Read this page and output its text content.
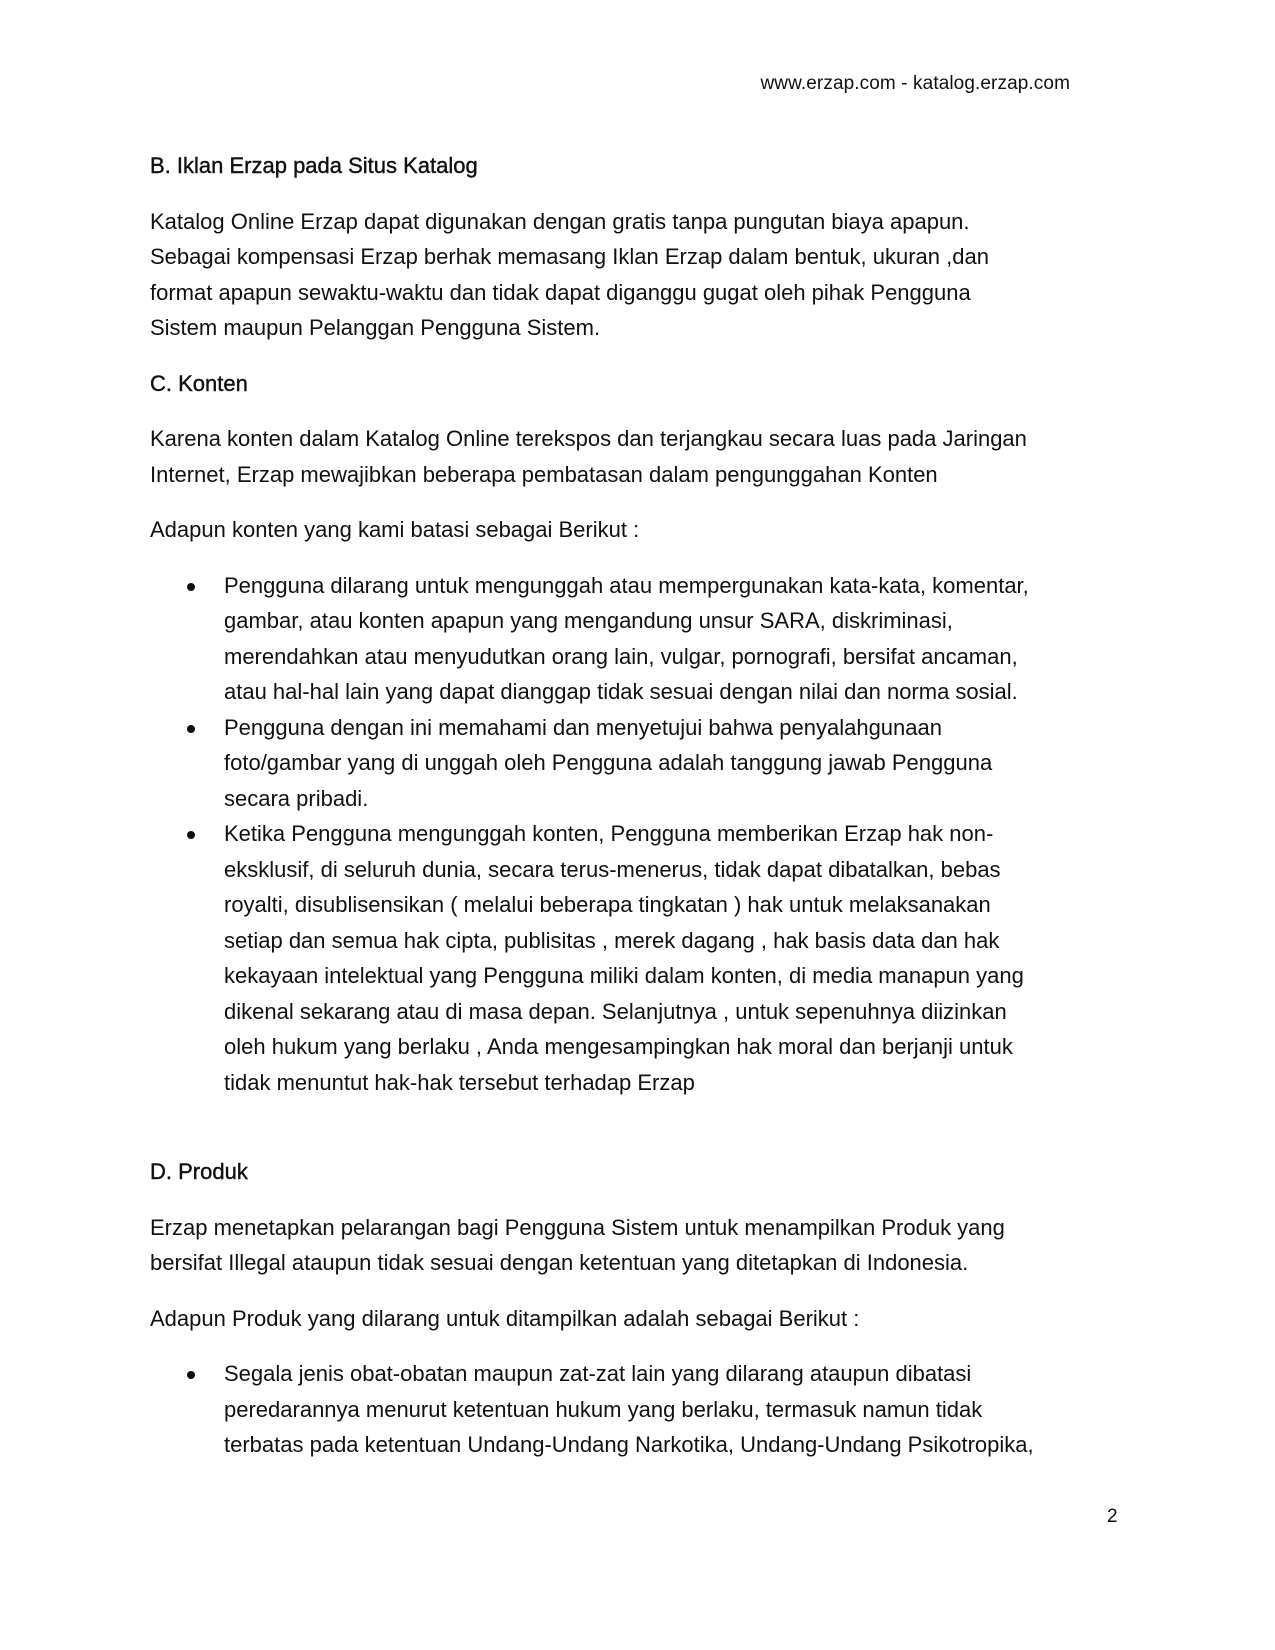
www.erzap.com - katalog.erzap.com
B. Iklan Erzap pada Situs Katalog
Katalog Online Erzap dapat digunakan dengan gratis tanpa pungutan biaya apapun.
Sebagai kompensasi Erzap berhak memasang Iklan Erzap dalam bentuk, ukuran ,dan
format apapun sewaktu-waktu dan tidak dapat diganggu gugat oleh pihak Pengguna
Sistem maupun Pelanggan Pengguna Sistem.
C. Konten
Karena konten dalam Katalog Online terekspos dan terjangkau secara luas pada Jaringan
Internet, Erzap mewajibkan beberapa pembatasan dalam pengunggahan Konten
Adapun konten yang kami batasi sebagai Berikut :
Pengguna dilarang untuk mengunggah atau mempergunakan kata-kata, komentar,
gambar, atau konten apapun yang mengandung unsur SARA, diskriminasi,
merendahkan atau menyudutkan orang lain, vulgar, pornografi, bersifat ancaman,
atau hal-hal lain yang dapat dianggap tidak sesuai dengan nilai dan norma sosial.
Pengguna dengan ini memahami dan menyetujui bahwa penyalahgunaan
foto/gambar yang di unggah oleh Pengguna adalah tanggung jawab Pengguna
secara pribadi.
Ketika Pengguna mengunggah konten, Pengguna memberikan Erzap hak non-
eksklusif, di seluruh dunia, secara terus-menerus, tidak dapat dibatalkan, bebas
royalti, disublisensikan ( melalui beberapa tingkatan ) hak untuk melaksanakan
setiap dan semua hak cipta, publisitas , merek dagang , hak basis data dan hak
kekayaan intelektual yang Pengguna miliki dalam konten, di media manapun yang
dikenal sekarang atau di masa depan. Selanjutnya , untuk sepenuhnya diizinkan
oleh hukum yang berlaku , Anda mengesampingkan hak moral dan berjanji untuk
tidak menuntut hak-hak tersebut terhadap Erzap
D. Produk
Erzap menetapkan pelarangan bagi Pengguna Sistem untuk menampilkan Produk yang
bersifat Illegal ataupun tidak sesuai dengan ketentuan yang ditetapkan di Indonesia.
Adapun Produk yang dilarang untuk ditampilkan adalah sebagai Berikut :
Segala jenis obat-obatan maupun zat-zat lain yang dilarang ataupun dibatasi
peredarannya menurut ketentuan hukum yang berlaku, termasuk namun tidak
terbatas pada ketentuan Undang-Undang Narkotika, Undang-Undang Psikotropika,
2
